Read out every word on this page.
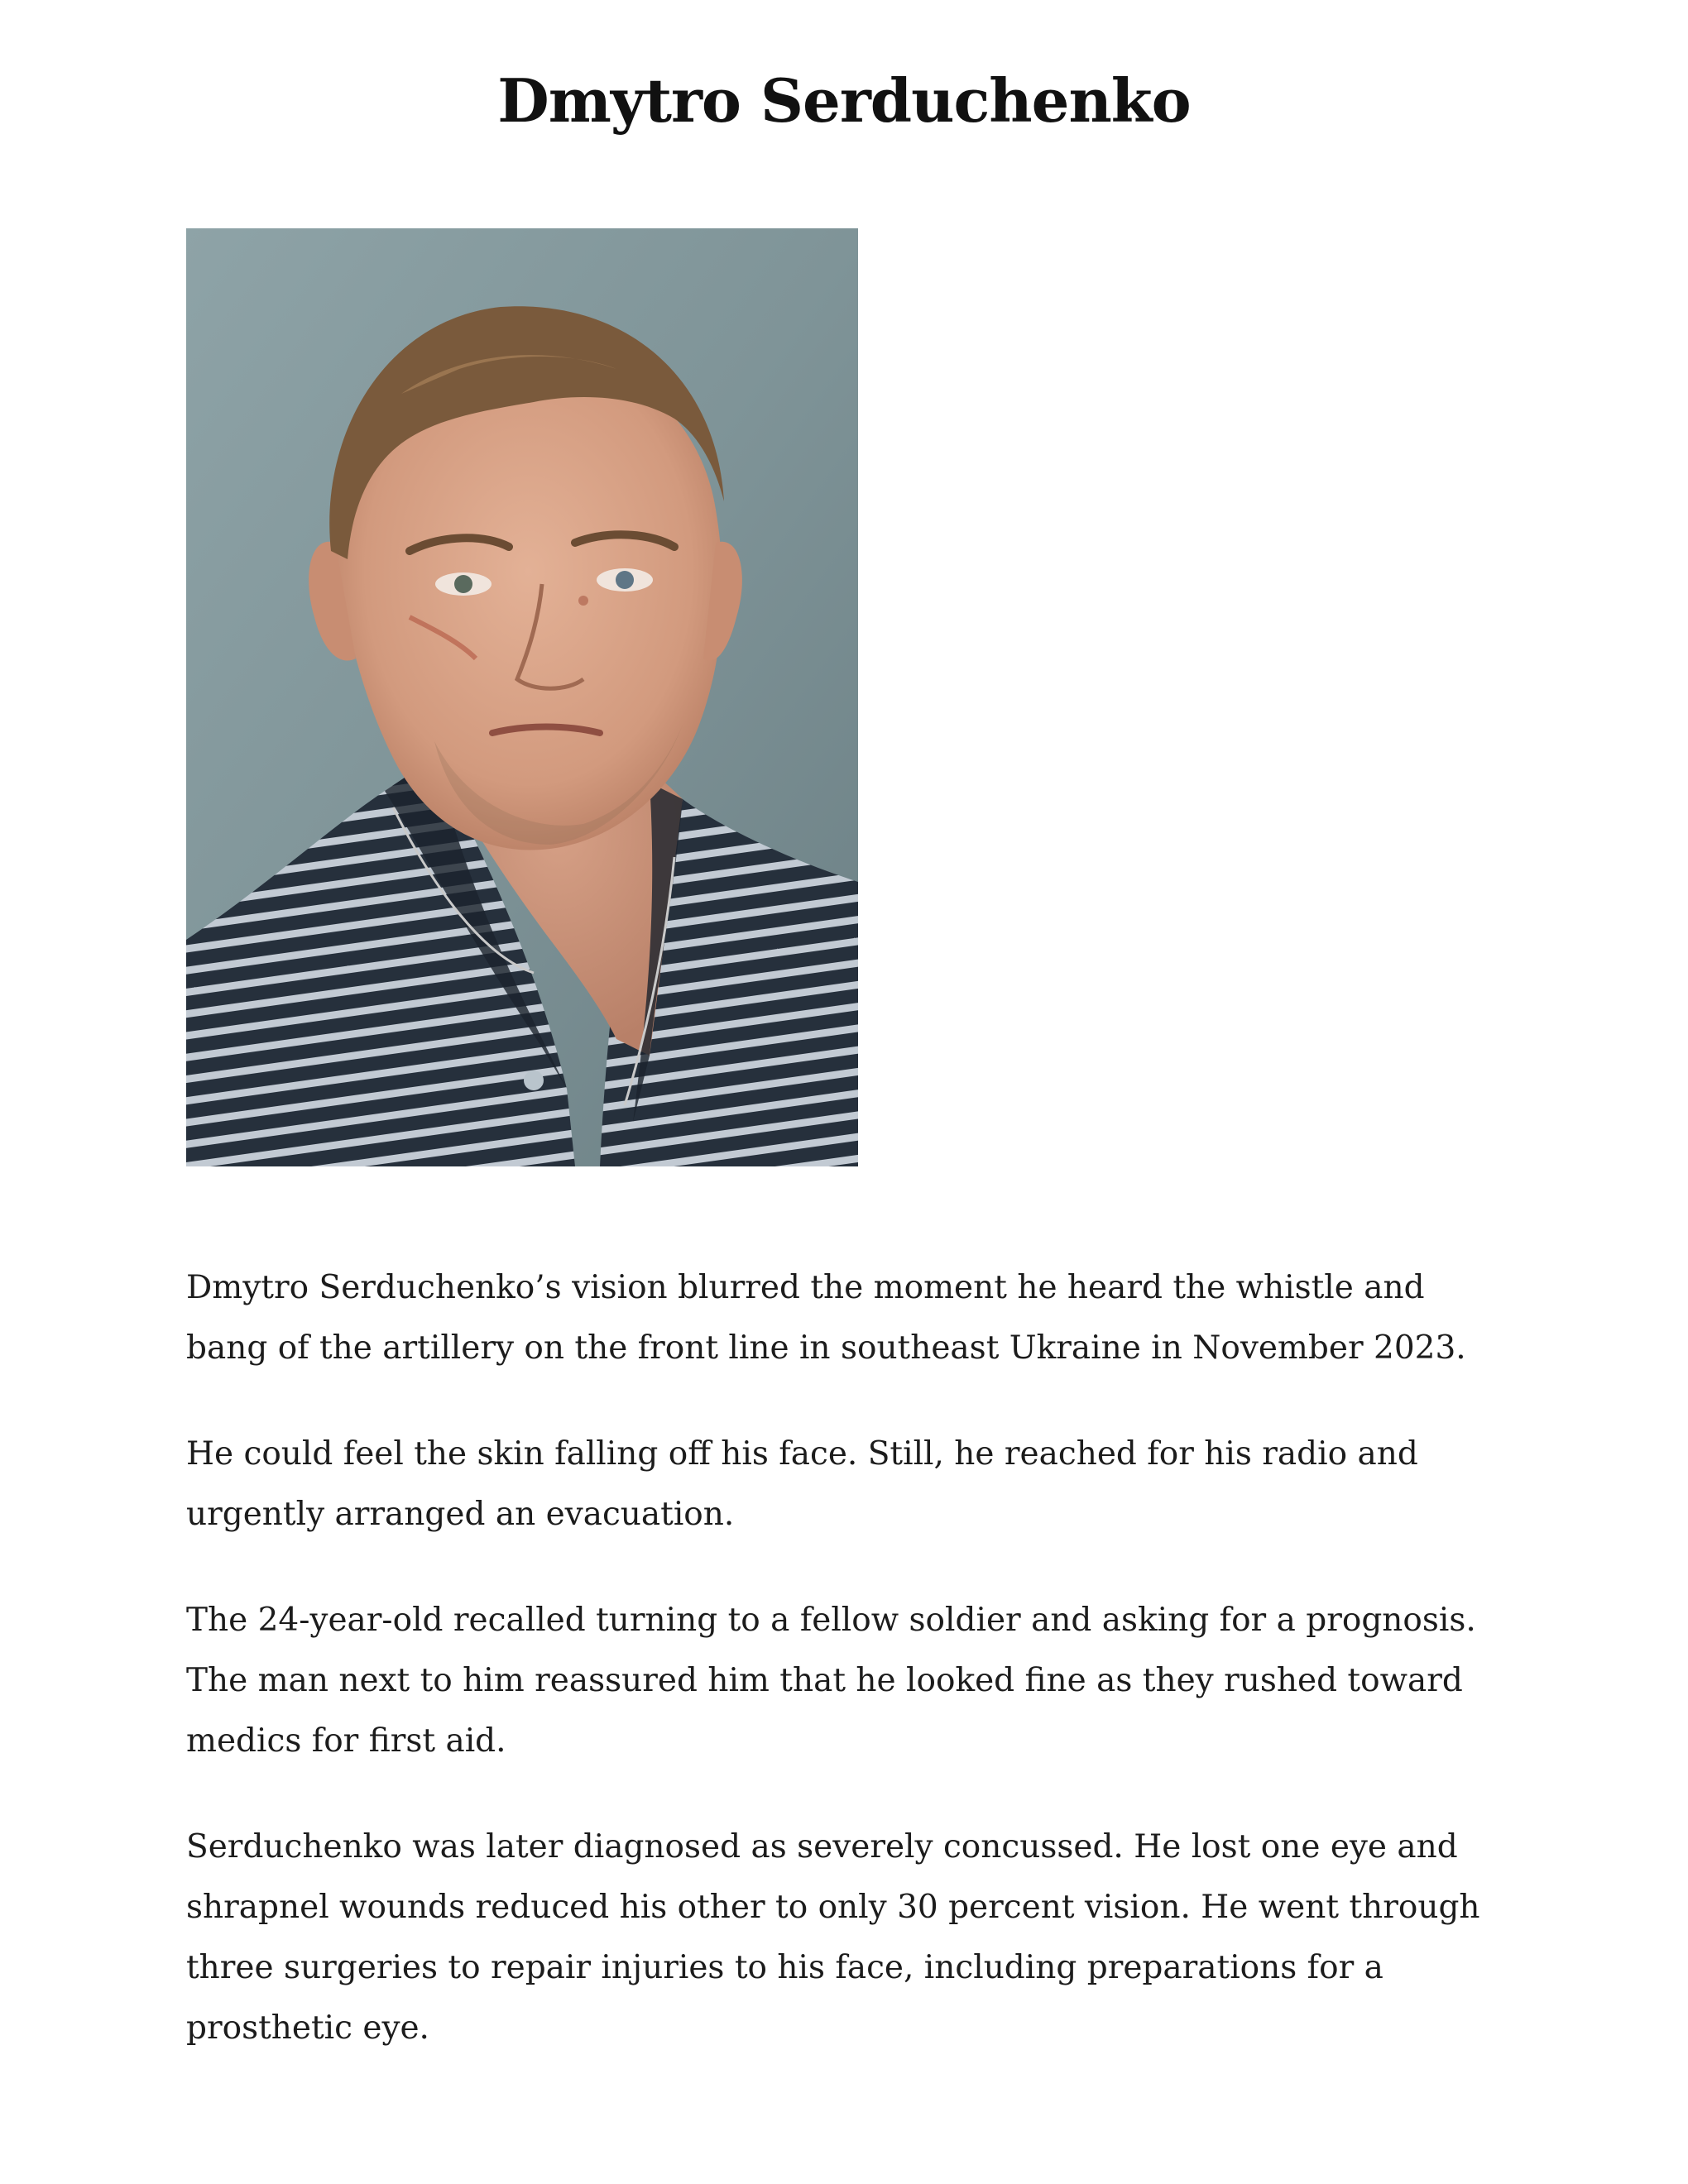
Dmytro Serduchenko

Dmytro Serduchenko’s vision blurred the moment he heard the whistle and bang of the artillery on the front line in southeast Ukraine in November 2023.

He could feel the skin falling off his face. Still, he reached for his radio and urgently arranged an evacuation.

The 24-year-old recalled turning to a fellow soldier and asking for a prognosis. The man next to him reassured him that he looked fine as they rushed toward medics for first aid.

Serduchenko was later diagnosed as severely concussed. He lost one eye and shrapnel wounds reduced his other to only 30 percent vision. He went through three surgeries to repair injuries to his face, including preparations for a prosthetic eye.
